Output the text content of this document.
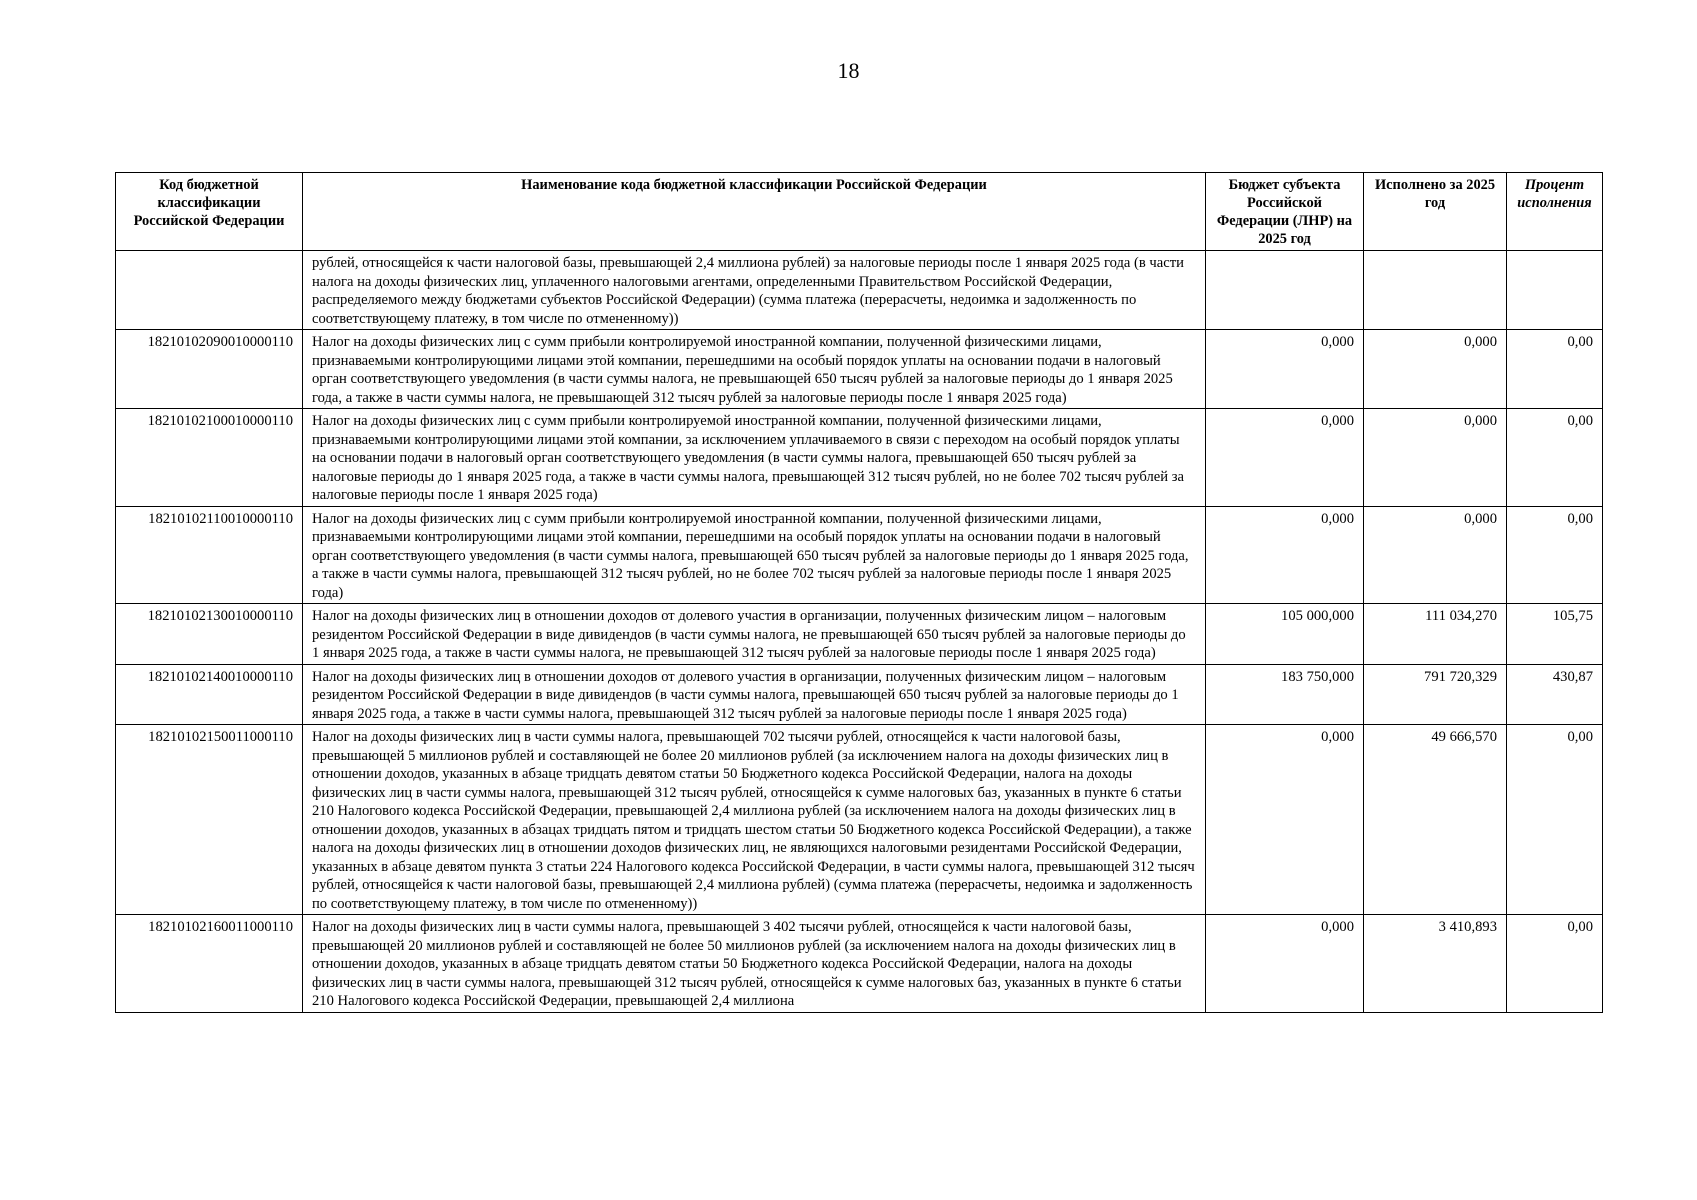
18
Код бюджетной классификации Российской Федерации	Наименование кода бюджетной классификации Российской Федерации	Бюджет субъекта Российской Федерации (ЛНР) на 2025 год	Исполнено за 2025 год	Процент исполнения
	рублей, относящейся к части налоговой базы, превышающей 2,4 миллиона рублей) за налоговые периоды после 1 января 2025 года (в части налога на доходы физических лиц, уплаченного налоговыми агентами, определенными Правительством Российской Федерации, распределяемого между бюджетами субъектов Российской Федерации) (сумма платежа (перерасчеты, недоимка и задолженность по соответствующему платежу, в том числе по отмененному))			
18210102090010000110	Налог на доходы физических лиц с сумм прибыли контролируемой иностранной компании, полученной физическими лицами, признаваемыми контролирующими лицами этой компании, перешедшими на особый порядок уплаты на основании подачи в налоговый орган соответствующего уведомления (в части суммы налога, не превышающей 650 тысяч рублей за налоговые периоды до 1 января 2025 года, а также в части суммы налога, не превышающей 312 тысяч рублей за налоговые периоды после 1 января 2025 года)	0,000	0,000	0,00
18210102100010000110	Налог на доходы физических лиц с сумм прибыли контролируемой иностранной компании, полученной физическими лицами, признаваемыми контролирующими лицами этой компании, за исключением уплачиваемого в связи с переходом на особый порядок уплаты на основании подачи в налоговый орган соответствующего уведомления (в части суммы налога, превышающей 650 тысяч рублей за налоговые периоды до 1 января 2025 года, а также в части суммы налога, превышающей 312 тысяч рублей, но не более 702 тысяч рублей за налоговые периоды после 1 января 2025 года)	0,000	0,000	0,00
18210102110010000110	Налог на доходы физических лиц с сумм прибыли контролируемой иностранной компании, полученной физическими лицами, признаваемыми контролирующими лицами этой компании, перешедшими на особый порядок уплаты на основании подачи в налоговый орган соответствующего уведомления (в части суммы налога, превышающей 650 тысяч рублей за налоговые периоды до 1 января 2025 года, а также в части суммы налога, превышающей 312 тысяч рублей, но не более 702 тысяч рублей за налоговые периоды после 1 января 2025 года)	0,000	0,000	0,00
18210102130010000110	Налог на доходы физических лиц в отношении доходов от долевого участия в организации, полученных физическим лицом – налоговым резидентом Российской Федерации в виде дивидендов (в части суммы налога, не превышающей 650 тысяч рублей за налоговые периоды до 1 января 2025 года, а также в части суммы налога, не превышающей 312 тысяч рублей за налоговые периоды после 1 января 2025 года)	105 000,000	111 034,270	105,75
18210102140010000110	Налог на доходы физических лиц в отношении доходов от долевого участия в организации, полученных физическим лицом – налоговым резидентом Российской Федерации в виде дивидендов (в части суммы налога, превышающей 650 тысяч рублей за налоговые периоды до 1 января 2025 года, а также в части суммы налога, превышающей 312 тысяч рублей за налоговые периоды после 1 января 2025 года)	183 750,000	791 720,329	430,87
18210102150011000110	Налог на доходы физических лиц в части суммы налога, превышающей 702 тысячи рублей, относящейся к части налоговой базы, превышающей 5 миллионов рублей и составляющей не более 20 миллионов рублей (за исключением налога на доходы физических лиц в отношении доходов, указанных в абзаце тридцать девятом статьи 50 Бюджетного кодекса Российской Федерации, налога на доходы физических лиц в части суммы налога, превышающей 312 тысяч рублей, относящейся к сумме налоговых баз, указанных в пункте 6 статьи 210 Налогового кодекса Российской Федерации, превышающей 2,4 миллиона рублей (за исключением налога на доходы физических лиц в отношении доходов, указанных в абзацах тридцать пятом и тридцать шестом статьи 50 Бюджетного кодекса Российской Федерации), а также налога на доходы физических лиц в отношении доходов физических лиц, не являющихся налоговыми резидентами Российской Федерации, указанных в абзаце девятом пункта 3 статьи 224 Налогового кодекса Российской Федерации, в части суммы налога, превышающей 312 тысяч рублей, относящейся к части налоговой базы, превышающей 2,4 миллиона рублей) (сумма платежа (перерасчеты, недоимка и задолженность по соответствующему платежу, в том числе по отмененному))	0,000	49 666,570	0,00
18210102160011000110	Налог на доходы физических лиц в части суммы налога, превышающей 3 402 тысячи рублей, относящейся к части налоговой базы, превышающей 20 миллионов рублей и составляющей не более 50 миллионов рублей (за исключением налога на доходы физических лиц в отношении доходов, указанных в абзаце тридцать девятом статьи 50 Бюджетного кодекса Российской Федерации, налога на доходы физических лиц в части суммы налога, превышающей 312 тысяч рублей, относящейся к сумме налоговых баз, указанных в пункте 6 статьи 210 Налогового кодекса Российской Федерации, превышающей 2,4 миллиона	0,000	3 410,893	0,00
